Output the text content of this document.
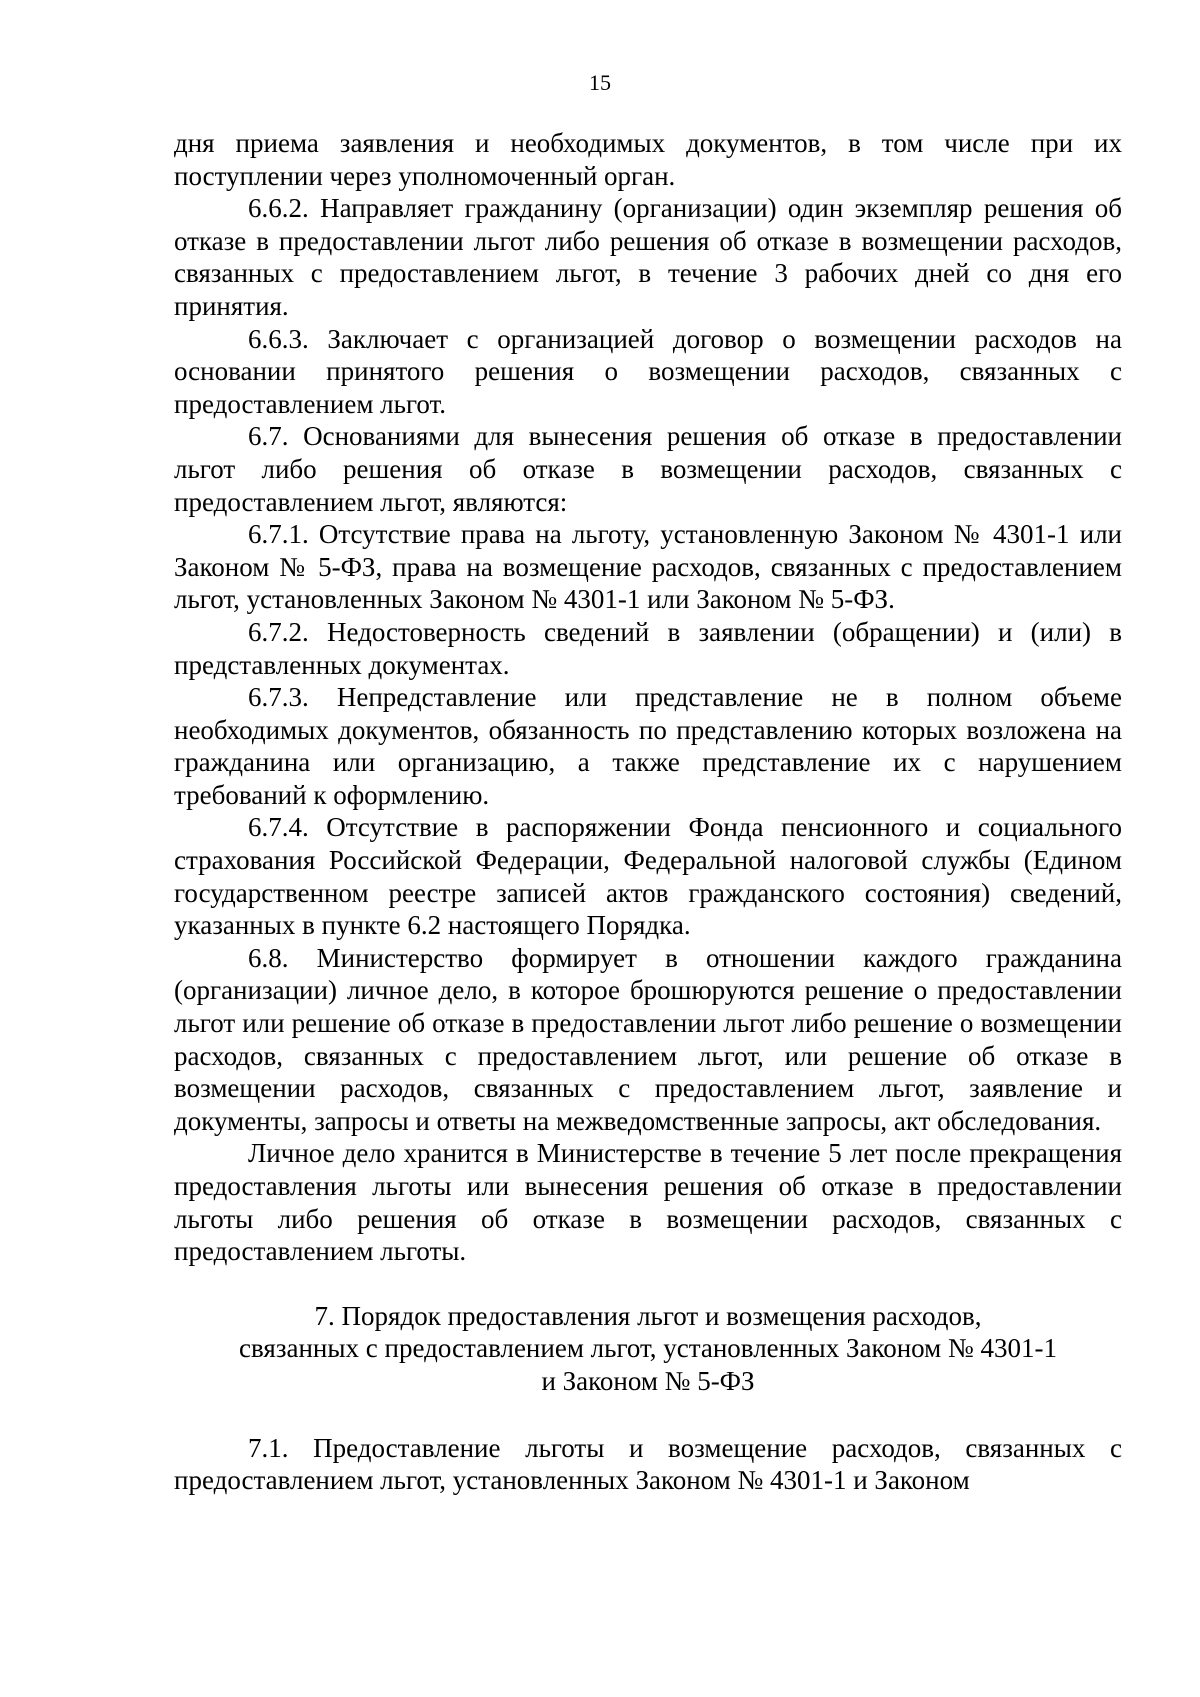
15

дня приема заявления и необходимых документов, в том числе при их поступлении через уполномоченный орган.

6.6.2. Направляет гражданину (организации) один экземпляр решения об отказе в предоставлении льгот либо решения об отказе в возмещении расходов, связанных с предоставлением льгот, в течение 3 рабочих дней со дня его принятия.

6.6.3. Заключает с организацией договор о возмещении расходов на основании принятого решения о возмещении расходов, связанных с предоставлением льгот.

6.7. Основаниями для вынесения решения об отказе в предоставлении льгот либо решения об отказе в возмещении расходов, связанных с предоставлением льгот, являются:

6.7.1. Отсутствие права на льготу, установленную Законом № 4301-1 или Законом № 5-ФЗ, права на возмещение расходов, связанных с предоставлением льгот, установленных Законом № 4301-1 или Законом № 5-ФЗ.

6.7.2. Недостоверность сведений в заявлении (обращении) и (или) в представленных документах.

6.7.3. Непредставление или представление не в полном объеме необходимых документов, обязанность по представлению которых возложена на гражданина или организацию, а также представление их с нарушением требований к оформлению.

6.7.4. Отсутствие в распоряжении Фонда пенсионного и социального страхования Российской Федерации, Федеральной налоговой службы (Едином государственном реестре записей актов гражданского состояния) сведений, указанных в пункте 6.2 настоящего Порядка.

6.8. Министерство формирует в отношении каждого гражданина (организации) личное дело, в которое брошюруются решение о предоставлении льгот или решение об отказе в предоставлении льгот либо решение о возмещении расходов, связанных с предоставлением льгот, или решение об отказе в возмещении расходов, связанных с предоставлением льгот, заявление и документы, запросы и ответы на межведомственные запросы, акт обследования.

Личное дело хранится в Министерстве в течение 5 лет после прекращения предоставления льготы или вынесения решения об отказе в предоставлении льготы либо решения об отказе в возмещении расходов, связанных с предоставлением льготы.

7. Порядок предоставления льгот и возмещения расходов,
связанных с предоставлением льгот, установленных Законом № 4301-1
и Законом № 5-ФЗ

7.1. Предоставление льготы и возмещение расходов, связанных с предоставлением льгот, установленных Законом № 4301-1 и Законом
